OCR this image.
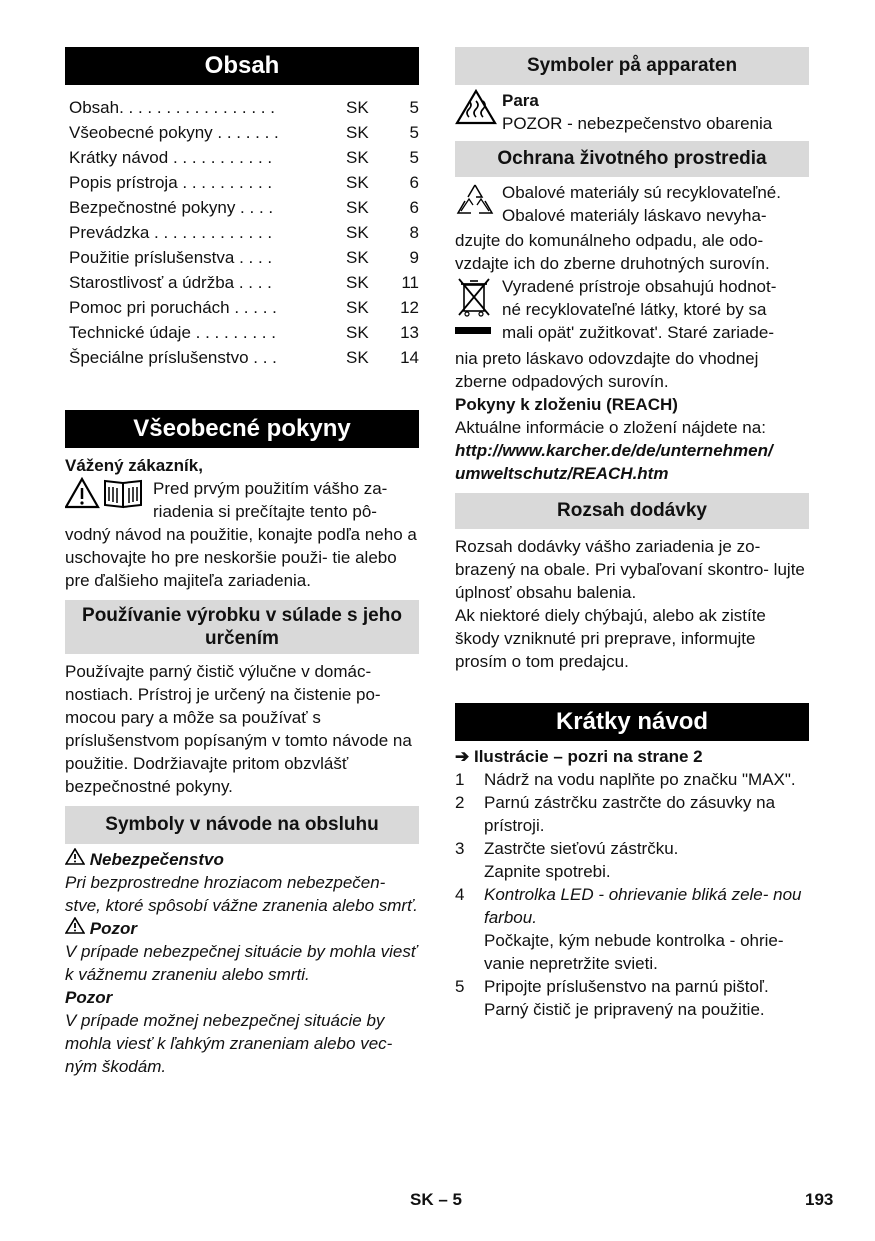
Obsah
Obsah. . . . . . . . . . . . . . . . .	SK	5
Všeobecné pokyny . . . . . . .	SK	5
Krátky návod . . . . . . . . . . .	SK	5
Popis prístroja . . . . . . . . . .	SK	6
Bezpečnostné pokyny . . . .	SK	6
Prevádzka . . . . . . . . . . . . .	SK	8
Použitie príslušenstva . . . .	SK	9
Starostlivosť a údržba . . . .	SK	11
Pomoc pri poruchách . . . . .	SK	12
Technické údaje . . . . . . . . .	SK	13
Špeciálne príslušenstvo . . .	SK	14
Všeobecné pokyny

Vážený zákazník,

Pred prvým použitím vášho za-

riadenia si prečítajte tento pô-

vodný návod na použitie, konajte podľa neho a uschovajte ho pre neskoršie použi- tie alebo pre ďalšieho majiteľa zariadenia.

Používanie výrobku v súlade s jeho určením

Používajte parný čistič výlučne v domác- nostiach. Prístroj je určený na čistenie po- mocou pary a môže sa používať s príslušenstvom popísaným v tomto návode na použitie. Dodržiavajte pritom obzvlášť bezpečnostné pokyny.

Symboly v návode na obsluhu
Nebezpečenstvo

Pri bezprostredne hroziacom nebezpečen- stve, ktoré spôsobí vážne zranenia alebo smrť.

Pozor

V prípade nebezpečnej situácie by mohla viesť k vážnemu zraneniu alebo smrti.

Pozor

V prípade možnej nebezpečnej situácie by mohla viesť k ľahkým zraneniam alebo vec- ným škodám.

Symboler på apparaten

Para

POZOR - nebezpečenstvo obarenia

Ochrana životného prostredia

Obalové materiály sú recyklovateľné.

Obalové materiály láskavo nevyha-

dzujte do komunálneho odpadu, ale odo- vzdajte ich do zberne druhotných surovín.

Vyradené prístroje obsahujú hodnot-

né recyklovateľné látky, ktoré by sa

mali opät' zužitkovat'. Staré zariade-

nia preto láskavo odovzdajte do vhodnej zberne odpadových surovín.

Pokyny k zloženiu (REACH)

Aktuálne informácie o zložení nájdete na:

http://www.karcher.de/de/unternehmen/ umweltschutz/REACH.htm

Rozsah dodávky

Rozsah dodávky vášho zariadenia je zo- brazený na obale. Pri vybaľovaní skontro- lujte úplnosť obsahu balenia.

Ak niektoré diely chýbajú, alebo ak zistíte škody vzniknuté pri preprave, informujte prosím o tom predajcu.

Krátky návod
➔ Ilustrácie – pozri na strane 2
1	Nádrž na vodu naplňte po značku "MAX".
2	Parnú zástrčku zastrčte do zásuvky na prístroji.
3	Zastrčte sieťovú zástrčku.
Zapnite spotrebi.
4	Kontrolka LED - ohrievanie bliká zele- nou farbou.
Počkajte, kým nebude kontrolka - ohrie- vanie nepretržite svieti.
5	Pripojte príslušenstvo na parnú pištoľ.
Parný čistič je pripravený na použitie.
SK – 5	193
